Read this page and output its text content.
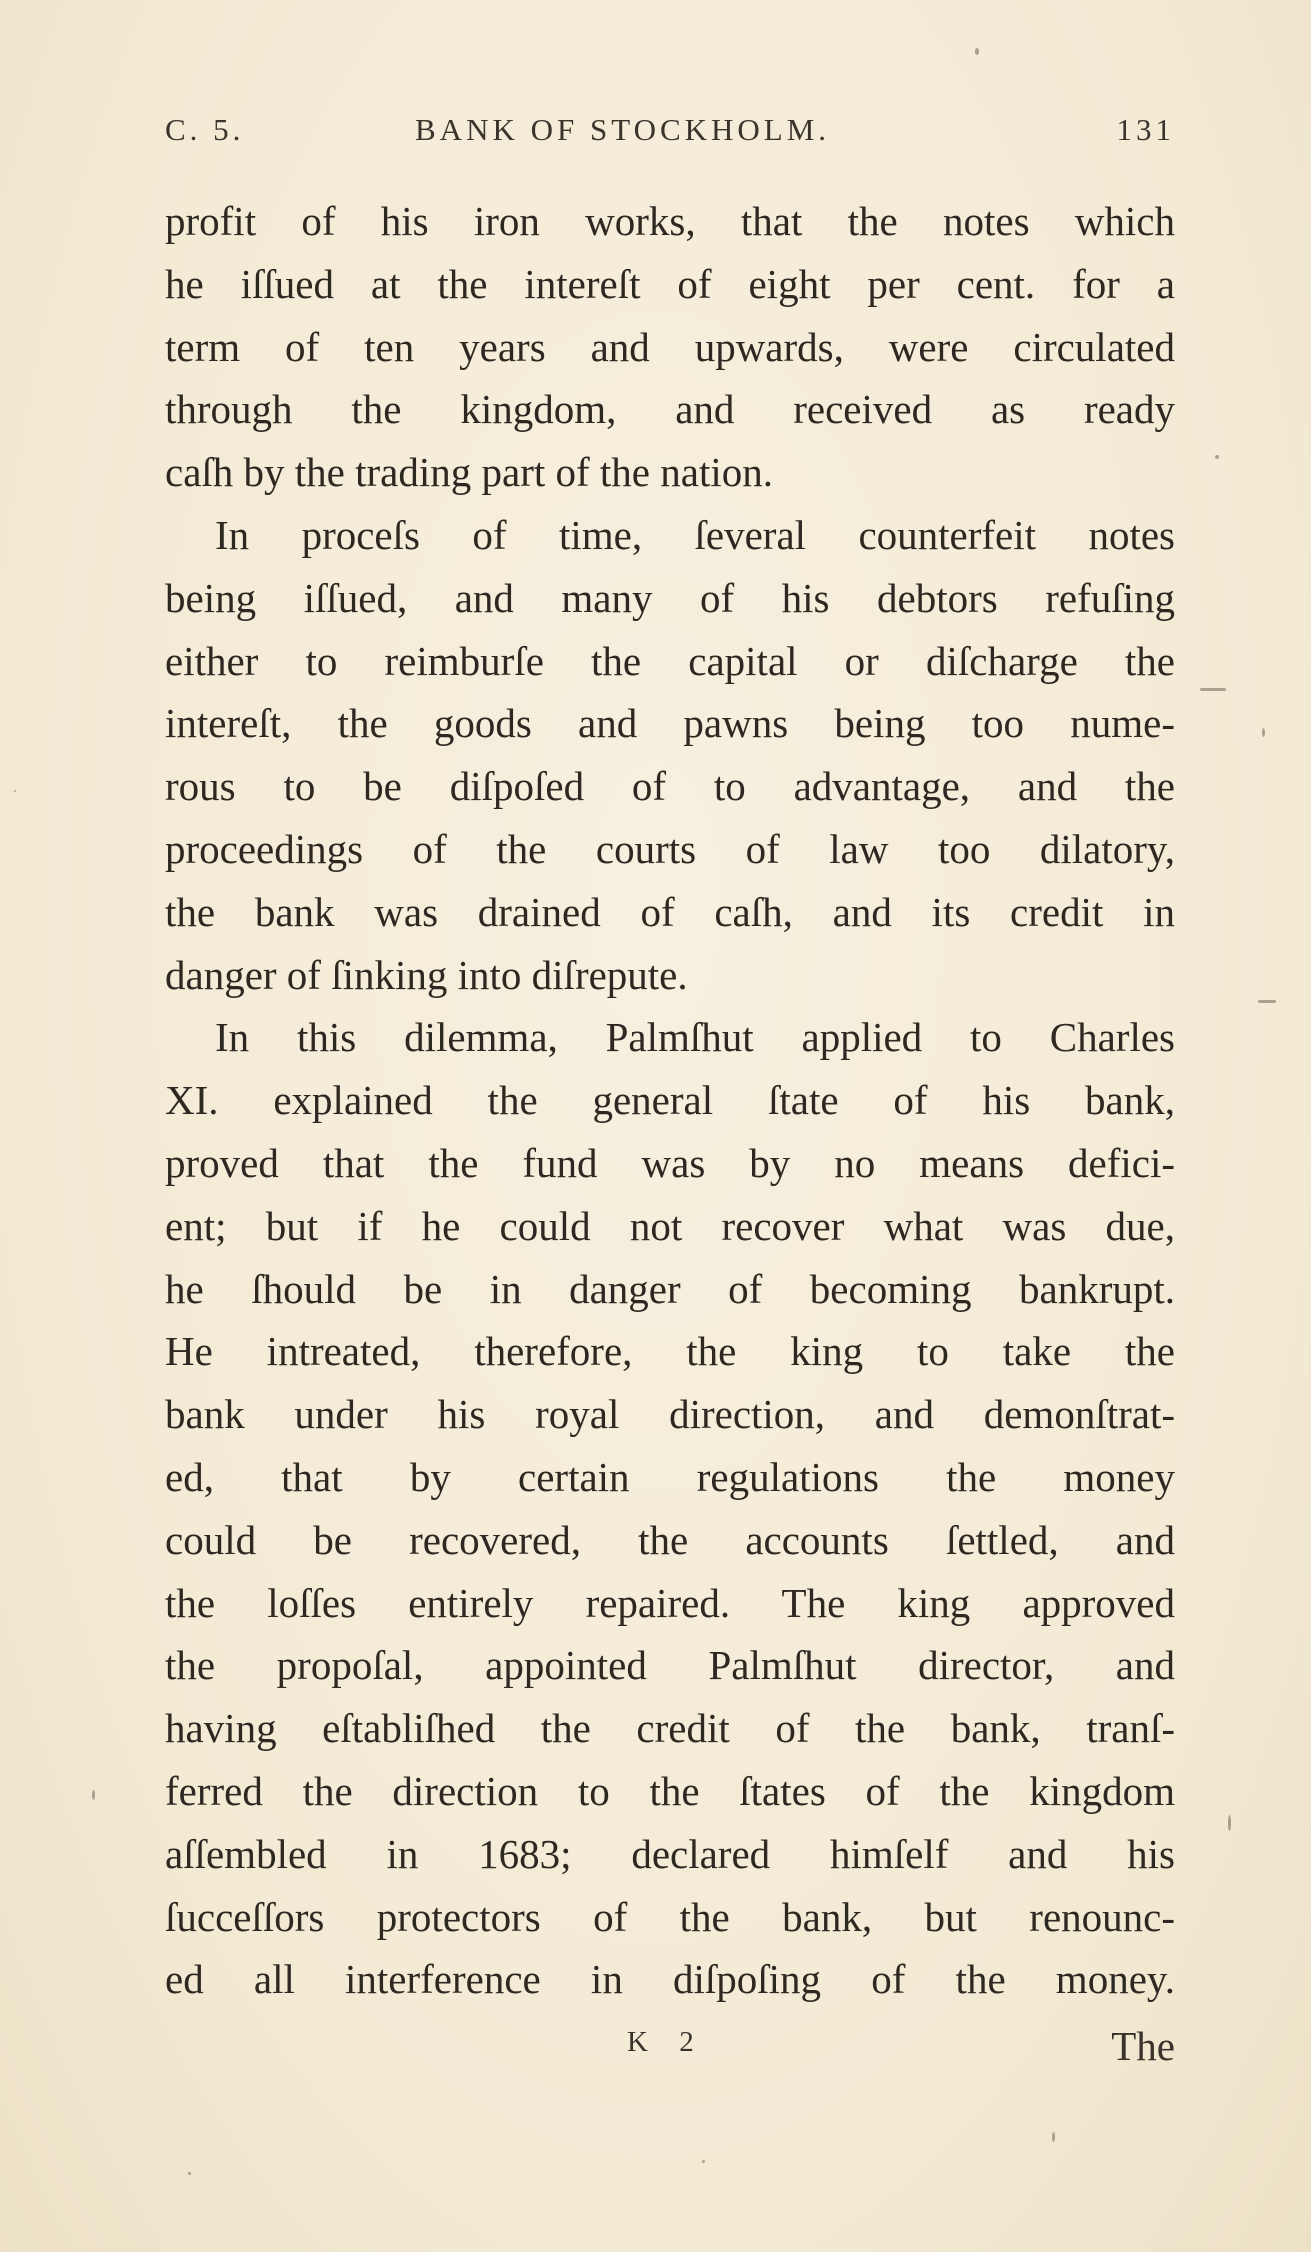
C. 5.	BANK OF STOCKHOLM.	131
profit of his iron works, that the notes which
he iſſued at the intereſt of eight per cent. for a
term of ten years and upwards, were circulated
through the kingdom, and received as ready
caſh by the trading part of the nation.
In proceſs of time, ſeveral counterfeit notes
being iſſued, and many of his debtors refuſing
either to reimburſe the capital or diſcharge the
intereſt, the goods and pawns being too nume-
rous to be diſpoſed of to advantage, and the
proceedings of the courts of law too dilatory,
the bank was drained of caſh, and its credit in
danger of ſinking into diſrepute.
In this dilemma, Palmſhut applied to Charles
XI. explained the general ſtate of his bank,
proved that the fund was by no means defici-
ent; but if he could not recover what was due,
he ſhould be in danger of becoming bankrupt.
He intreated, therefore, the king to take the
bank under his royal direction, and demonſtrat-
ed, that by certain regulations the money
could be recovered, the accounts ſettled, and
the loſſes entirely repaired. The king approved
the propoſal, appointed Palmſhut director, and
having eſtabliſhed the credit of the bank, tranſ-
ferred the direction to the ſtates of the kingdom
aſſembled in 1683; declared himſelf and his
ſucceſſors protectors of the bank, but renounc-
ed all interference in diſpoſing of the money.
K 2	The
